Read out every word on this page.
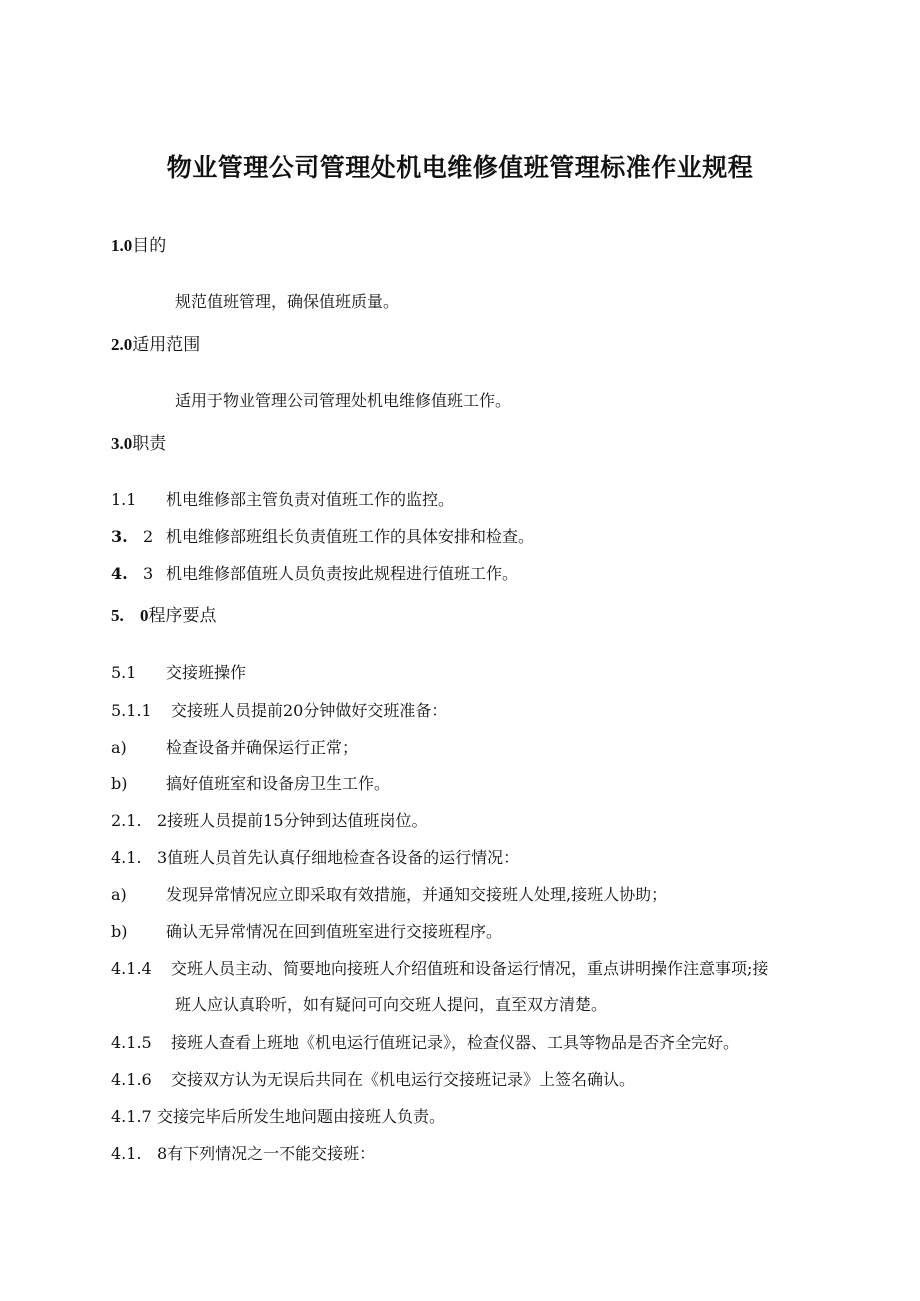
物业管理公司管理处机电维修值班管理标准作业规程
1.0目的
规范值班管理，确保值班质量。
2.0适用范围
适用于物业管理公司管理处机电维修值班工作。
3.0职责
1.1 机电维修部主管负责对值班工作的监控。
3. 2 机电维修部班组长负责值班工作的具体安排和检查。
4. 3 机电维修部值班人员负责按此规程进行值班工作。
5. 0程序要点
5.1 交接班操作
5.1.1 交接班人员提前20分钟做好交班准备：
a) 检查设备并确保运行正常；
b) 搞好值班室和设备房卫生工作。
2.1. 2接班人员提前15分钟到达值班岗位。
4.1. 3值班人员首先认真仔细地检查各设备的运行情况：
a) 发现异常情况应立即采取有效措施，并通知交接班人处理,接班人协助；
b) 确认无异常情况在回到值班室进行交接班程序。
4.1.4 交班人员主动、简要地向接班人介绍值班和设备运行情况，重点讲明操作注意事项;接
班人应认真聆听，如有疑问可向交班人提问，直至双方清楚。
4.1.5 接班人查看上班地《机电运行值班记录》，检查仪器、工具等物品是否齐全完好。
4.1.6 交接双方认为无误后共同在《机电运行交接班记录》上签名确认。
4.1.7 交接完毕后所发生地问题由接班人负责。
4.1. 8有下列情况之一不能交接班：
